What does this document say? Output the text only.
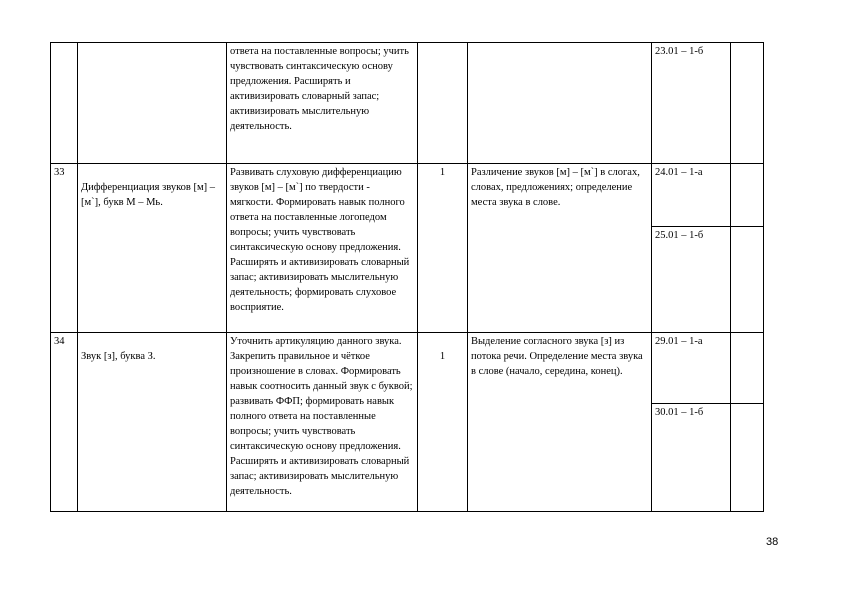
		ответа на поставленные вопросы; учить чувствовать синтаксическую основу предложения. Расширять и активизировать словарный запас; активизировать мыслительную деятельность.			23.01 – 1-б	

33	Дифференциация звуков [м] – [м`], букв М – Мь.	Развивать слуховую дифференциацию звуков [м] – [м`] по твердости - мягкости. Формировать навык полного ответа на поставленные логопедом вопросы; учить чувствовать синтаксическую основу предложения. Расширять и активизировать словарный запас; активизировать мыслительную деятельность; формировать слуховое восприятие.	1	Различение звуков [м] – [м`] в слогах, словах, предложениях; определение места звука в слове.	24.01 – 1-а	
					25.01 – 1-б	
34	Звук [з], буква З.	Уточнить артикуляцию данного звука. Закрепить правильное и чёткое произношение в словах. Формировать навык соотносить данный звук с буквой; развивать ФФП; формировать навык полного ответа на поставленные вопросы; учить чувствовать синтаксическую основу предложения. Расширять и активизировать словарный запас; активизировать мыслительную деятельность.	1	Выделение согласного звука [з] из потока речи. Определение места звука в слове (начало, середина, конец).	29.01 – 1-а	
					30.01 – 1-б	
38
